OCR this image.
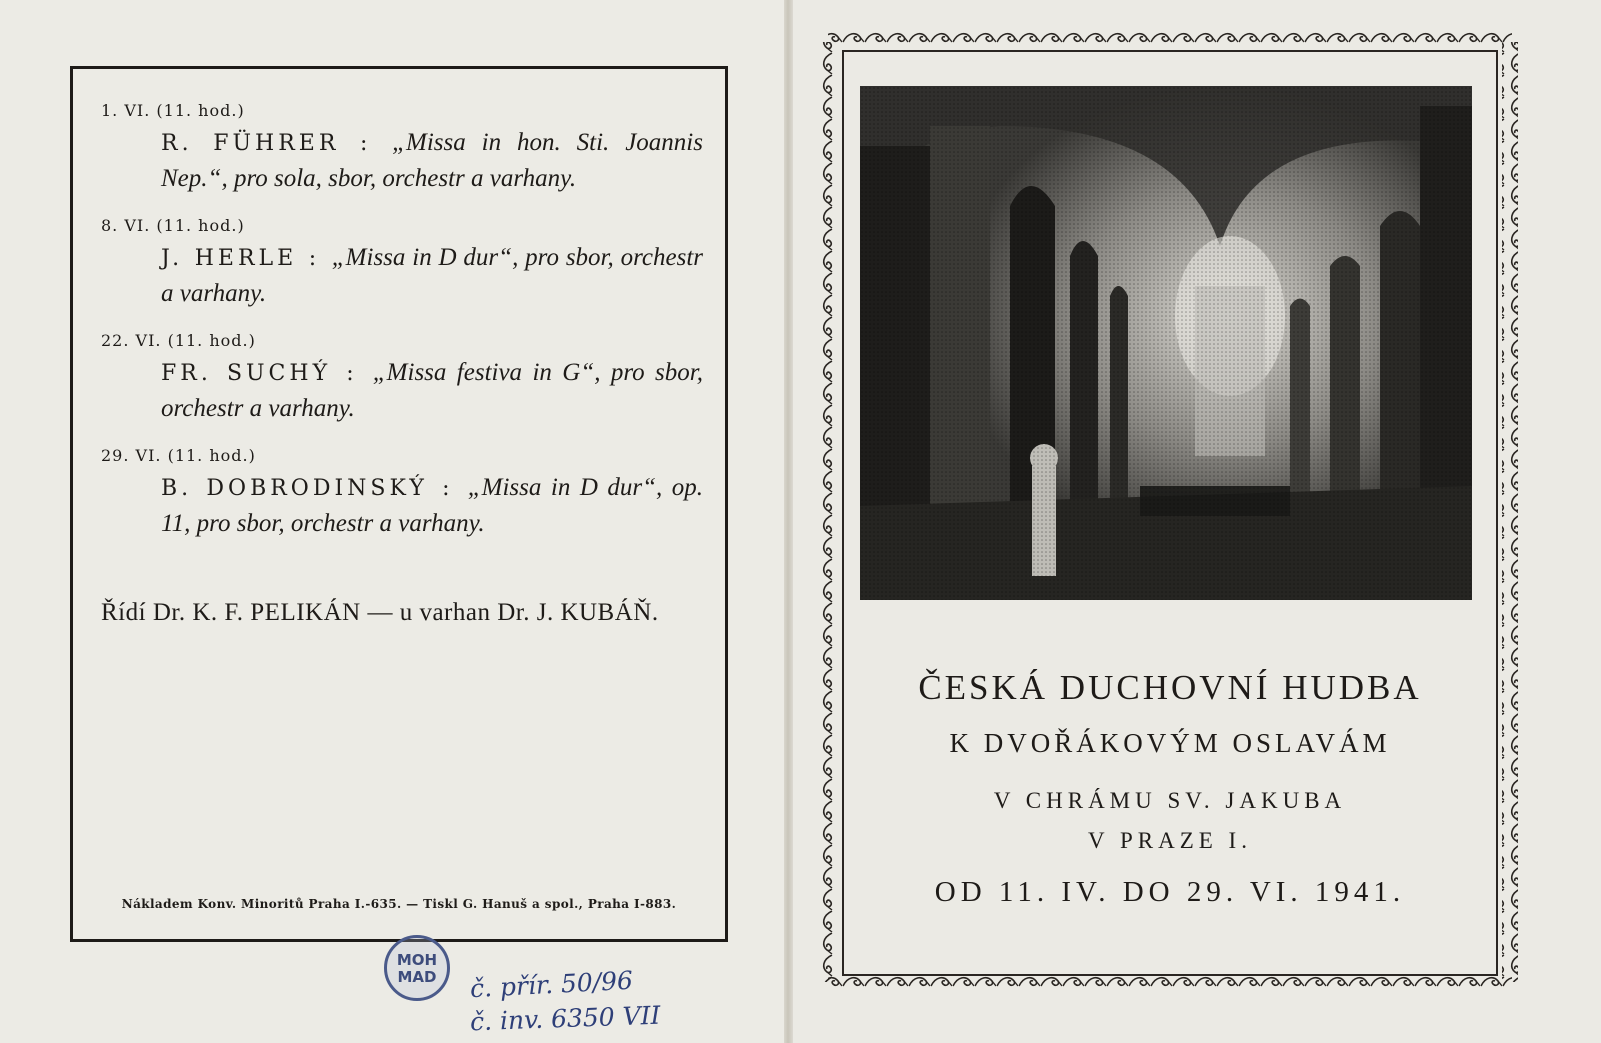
1. VI. (11. hod.)
R. FÜHRER : „Missa in hon. Sti. Joannis Nep.“, pro sola, sbor, orchestr a varhany.
8. VI. (11. hod.)
J. HERLE : „Missa in D dur“, pro sbor, orchestr a varhany.
22. VI. (11. hod.)
FR. SUCHÝ : „Missa festiva in G“, pro sbor, orchestr a varhany.
29. VI. (11. hod.)
B. DOBRODINSKÝ : „Missa in D dur“, op. 11, pro sbor, orchestr a varhany.
Řídí Dr. K. F. PELIKÁN — u varhan Dr. J. KUBÁŇ.
Nákladem Konv. Minoritů Praha I.-635. — Tiskl G. Hanuš a spol., Praha I-883.
MOH
MAD	č. přír. 50/96
č. inv. 6350 VII
ČESKÁ DUCHOVNÍ HUDBA
K DVOŘÁKOVÝM OSLAVÁM
V CHRÁMU SV. JAKUBA
V PRAZE I.
OD 11. IV. DO 29. VI. 1941.
